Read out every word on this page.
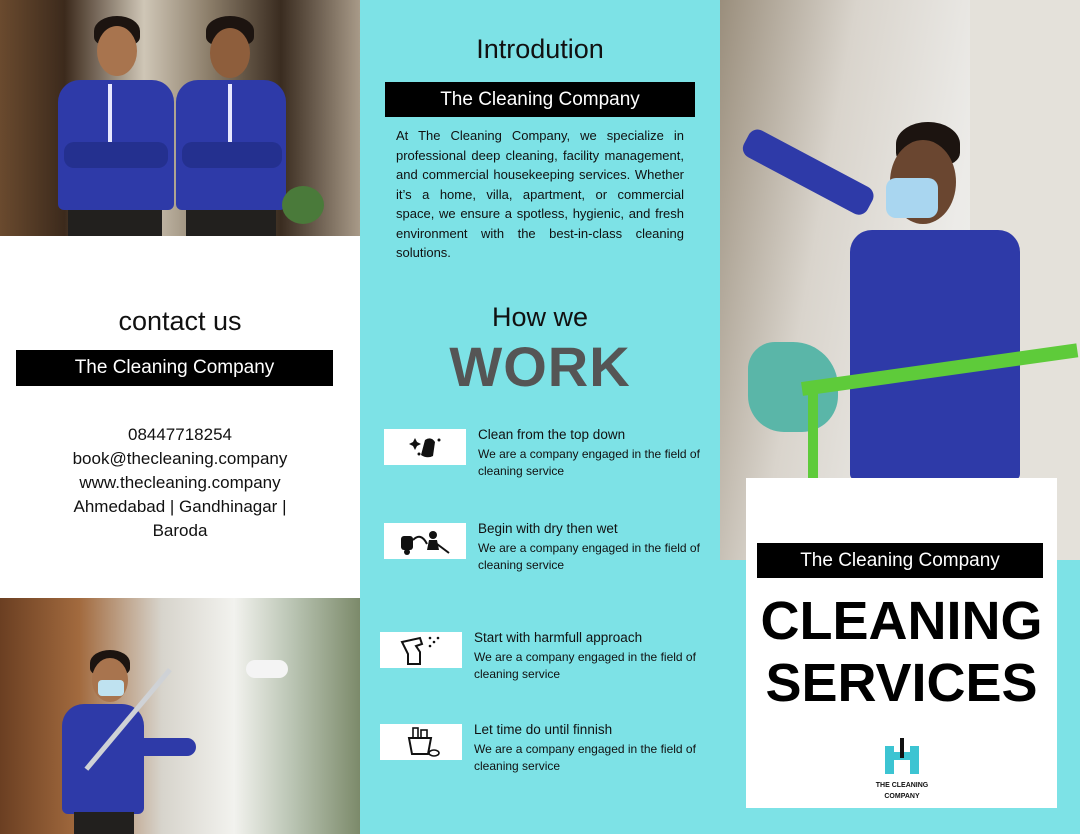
contact us
The Cleaning Company
08447718254
book@thecleaning.company
www.thecleaning.company
Ahmedabad | Gandhinagar |
Baroda
Introdution
The Cleaning Company

At The Cleaning Company, we specialize in professional deep cleaning, facility management, and commercial housekeeping services. Whether it’s a home, villa, apartment, or commercial space, we ensure a spotless, hygienic, and fresh environment with the best-in-class cleaning solutions.

How we
WORK
Clean from the top down
We are a company engaged in the field of cleaning service
Begin with dry then wet
We are a company engaged in the field of cleaning service
Start with harmfull approach
We are a company engaged in the field of cleaning service
Let time do until finnish
We are a company engaged in the field of cleaning service
The Cleaning Company
CLEANING
SERVICES
THE CLEANING
COMPANY
